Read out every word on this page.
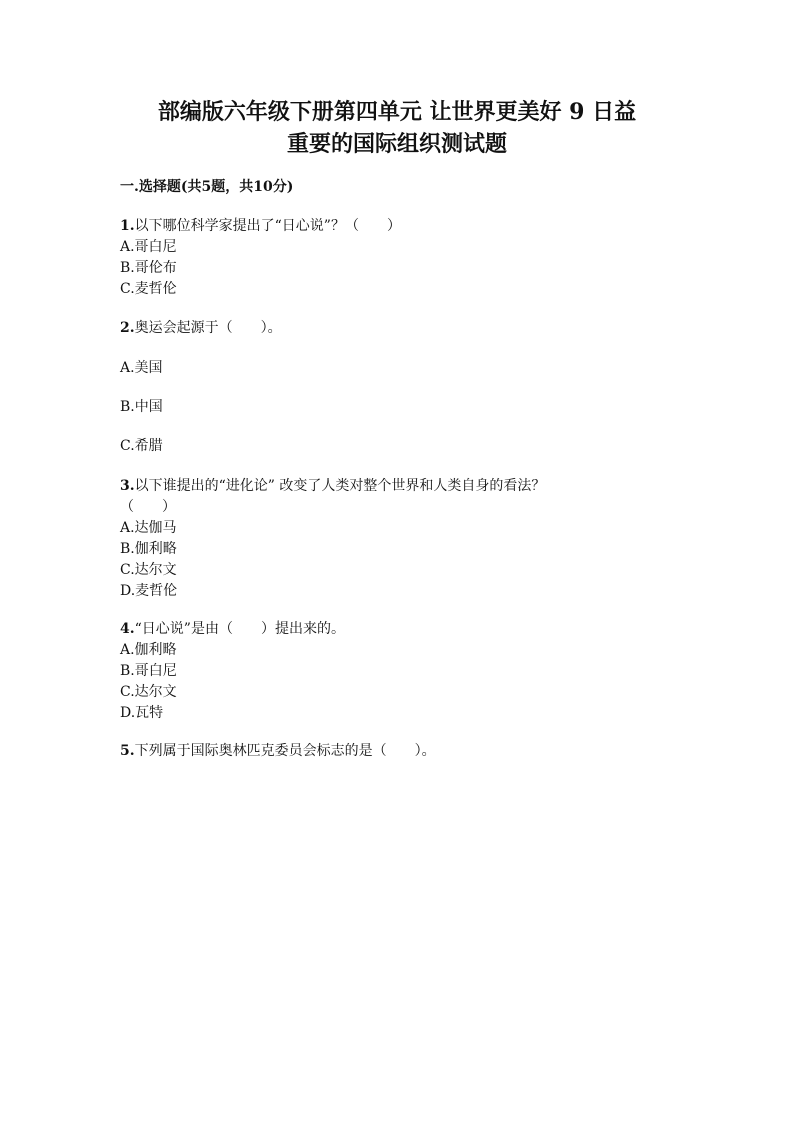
部编版六年级下册第四单元 让世界更美好 9 日益
重要的国际组织测试题
一.选择题(共5题，共10分)
1.以下哪位科学家提出了“日心说”？（　　）
A.哥白尼
B.哥伦布
C.麦哲伦
2.奥运会起源于（　　）。
A.美国
B.中国
C.希腊
3.以下谁提出的“进化论” 改变了人类对整个世界和人类自身的看法？
（　　）
A.达伽马
B.伽利略
C.达尔文
D.麦哲伦
4.“日心说”是由（　　）提出来的。
A.伽利略
B.哥白尼
C.达尔文
D.瓦特
5.下列属于国际奥林匹克委员会标志的是（　　）。
